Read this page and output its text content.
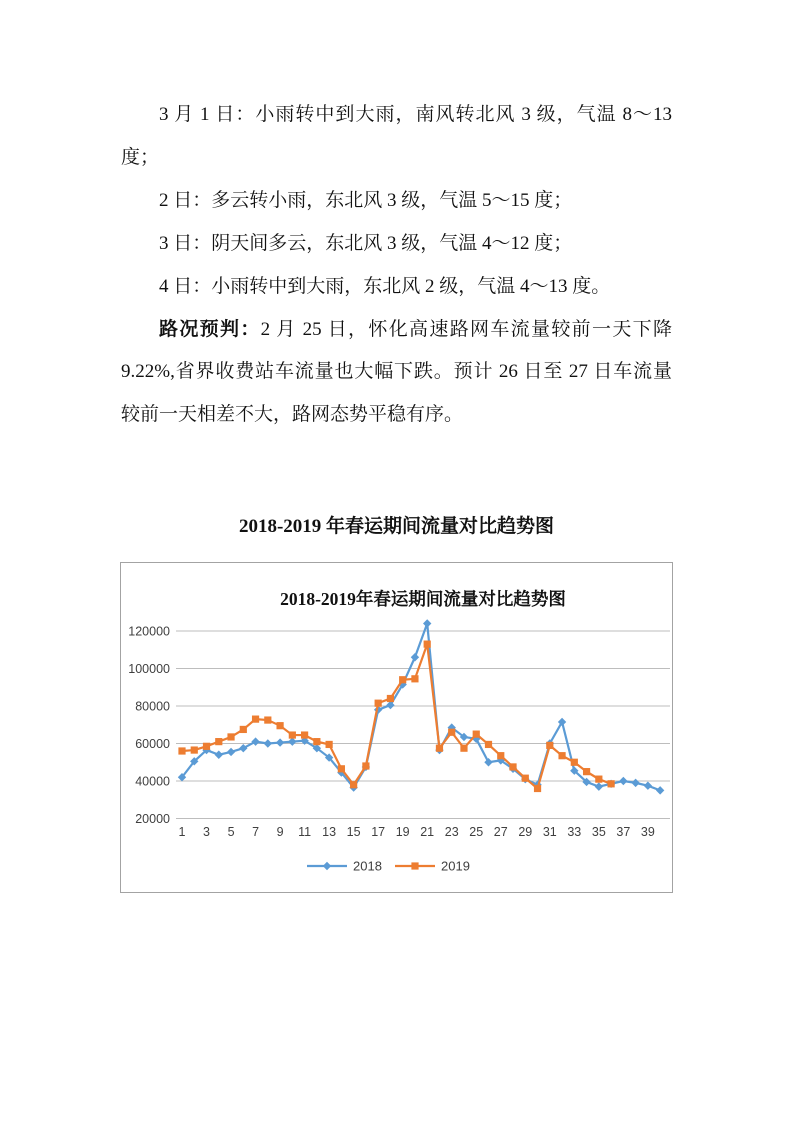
3 月 1 日：小雨转中到大雨，南风转北风 3 级，气温 8～13
度；

2 日：多云转小雨，东北风 3 级，气温 5～15 度；

3 日：阴天间多云，东北风 3 级，气温 4～12 度；

4 日：小雨转中到大雨，东北风 2 级，气温 4～13 度。

路况预判：2 月 25 日，怀化高速路网车流量较前一天下降
9.22%,省界收费站车流量也大幅下跌。预计 26 日至 27 日车流量
较前一天相差不大，路网态势平稳有序。

2018-2019 年春运期间流量对比趋势图
2018-2019年春运期间流量对比趋势图
20000
40000
60000
80000
100000
120000
1 3 5 7 9 11 13 15 17 19 21 23 25 27 29 31 33 35 37 39
2018	2019
